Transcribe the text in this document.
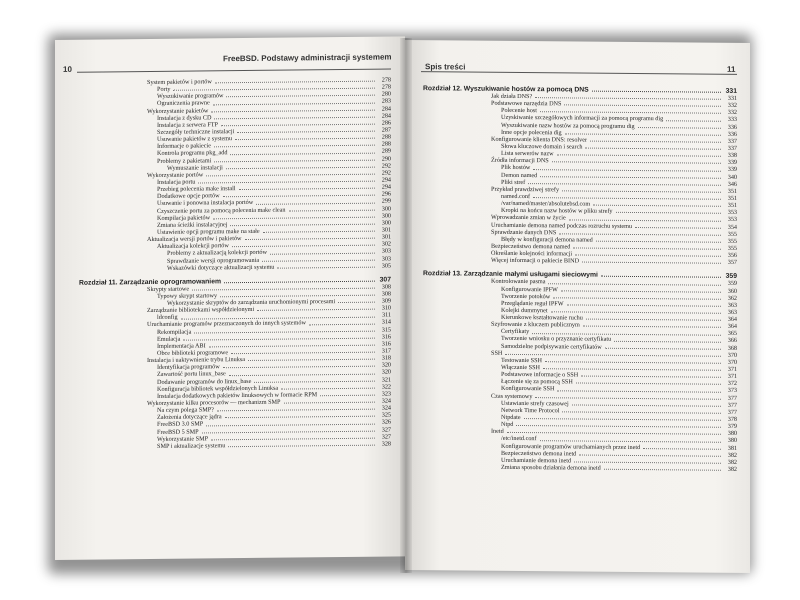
10
FreeBSD. Podstawy administracji systemem
System pakietów i portów	278
Porty	278
Wyszukiwanie programów	280
Ograniczenia prawne	283
Wykorzystanie pakietów	284
Instalacja z dysku CD	284
Instalacja z serwera FTP	286
Szczegóły techniczne instalacji	287
Usuwanie pakietów z systemu	288
Informacje o pakiecie	288
Kontrola programu pkg_add	289
Problemy z pakietami	290
Wymuszanie instalacji	292
Wykorzystanie portów	292
Instalacja portu	294
Przebieg polecenia make install	294
Dodatkowe opcje portów	296
Usuwanie i ponowna instalacja portów	299
Czyszczenie portu za pomocą polecenia make clean	300
Kompilacja pakietów	300
Zmiana ścieżki instalacyjnej	300
Ustawienie opcji programu make na stałe	301
Aktualizacja wersji portów i pakietów	301
Aktualizacja kolekcji portów	302
Problemy z aktualizacją kolekcji portów	303
Sprawdzanie wersji oprogramowania	303
Wskazówki dotyczące aktualizacji systemu	305
Rozdział 11. Zarządzanie oprogramowaniem	307
Skrypty startowe	308
Typowy skrypt startowy	308
Wykorzystanie skryptów do zarządzania uruchomionymi procesami	309
Zarządzanie bibliotekami współdzielonymi	310
ldconfig	311
Uruchamianie programów przeznaczonych do innych systemów	314
Rekompilacja	315
Emulacja	316
Implementacja ABI	316
Obce biblioteki programowe	317
Instalacja i uaktywnienie trybu Linuksa	318
Identyfikacja programów	320
Zawartość portu linux_base	320
Dodawanie programów do linux_base	321
Konfiguracja bibliotek współdzielonych Linuksa	322
Instalacja dodatkowych pakietów linuksowych w formacie RPM	323
Wykorzystanie kilku procesorów — mechanizm SMP	324
Na czym polega SMP?	324
Założenia dotyczące jądra	325
FreeBSD 3.0 SMP	326
FreeBSD 5 SMP	327
Wykorzystanie SMP	327
SMP i aktualizacje systemu	328
Spis treści	11
Rozdział 12. Wyszukiwanie hostów za pomocą DNS	331
Jak działa DNS?	331
Podstawowe narzędzia DNS	332
Polecenie host	332
Uzyskiwanie szczegółowych informacji za pomocą programu dig	333
Wyszukiwanie nazw hostów za pomocą programu dig	336
Inne opcje polecenia dig	336
Konfigurowanie klienta DNS: resolver	337
Słowa kluczowe domain i search	337
Lista serwerów nazw	338
Źródła informacji DNS	339
Plik hostów	339
Demon named	340
Pliki stref	346
Przykład prawdziwej strefy	351
named.conf	351
/var/named/master/absolutebsd.com	351
Kropki na końcu nazw hostów w pliku strefy	353
Wprowadzanie zmian w życie	353
Uruchamianie demona named podczas rozruchu systemu	354
Sprawdzanie danych DNS	355
Błędy w konfiguracji demona named	355
Bezpieczeństwo demona named	355
Określanie kolejności informacji	356
Więcej informacji o pakiecie BIND	357
Rozdział 13. Zarządzanie małymi usługami sieciowymi	359
Kontrolowanie pasma	359
Konfigurowanie IPFW	360
Tworzenie potoków	362
Przeglądanie reguł IPFW	363
Kolejki dummynet	363
Kierunkowe kształtowanie ruchu	364
Szyfrowanie z kluczem publicznym	364
Certyfikaty	365
Tworzenie wniosku o przyznanie certyfikatu	366
Samodzielne podpisywanie certyfikatów	368
SSH	370
Testowanie SSH	370
Włączanie SSH	371
Podstawowe informacje o SSH	371
Łączenie się za pomocą SSH	372
Konfigurowanie SSH	373
Czas systemowy	377
Ustawianie strefy czasowej	377
Network Time Protocol	377
Ntpdate	378
Ntpd	379
Inetd	380
/etc/inetd.conf	380
Konfigurowanie programów uruchamianych przez inetd	381
Bezpieczeństwo demona inetd	382
Uruchamianie demona inetd	382
Zmiana sposobu działania demona inetd	382
